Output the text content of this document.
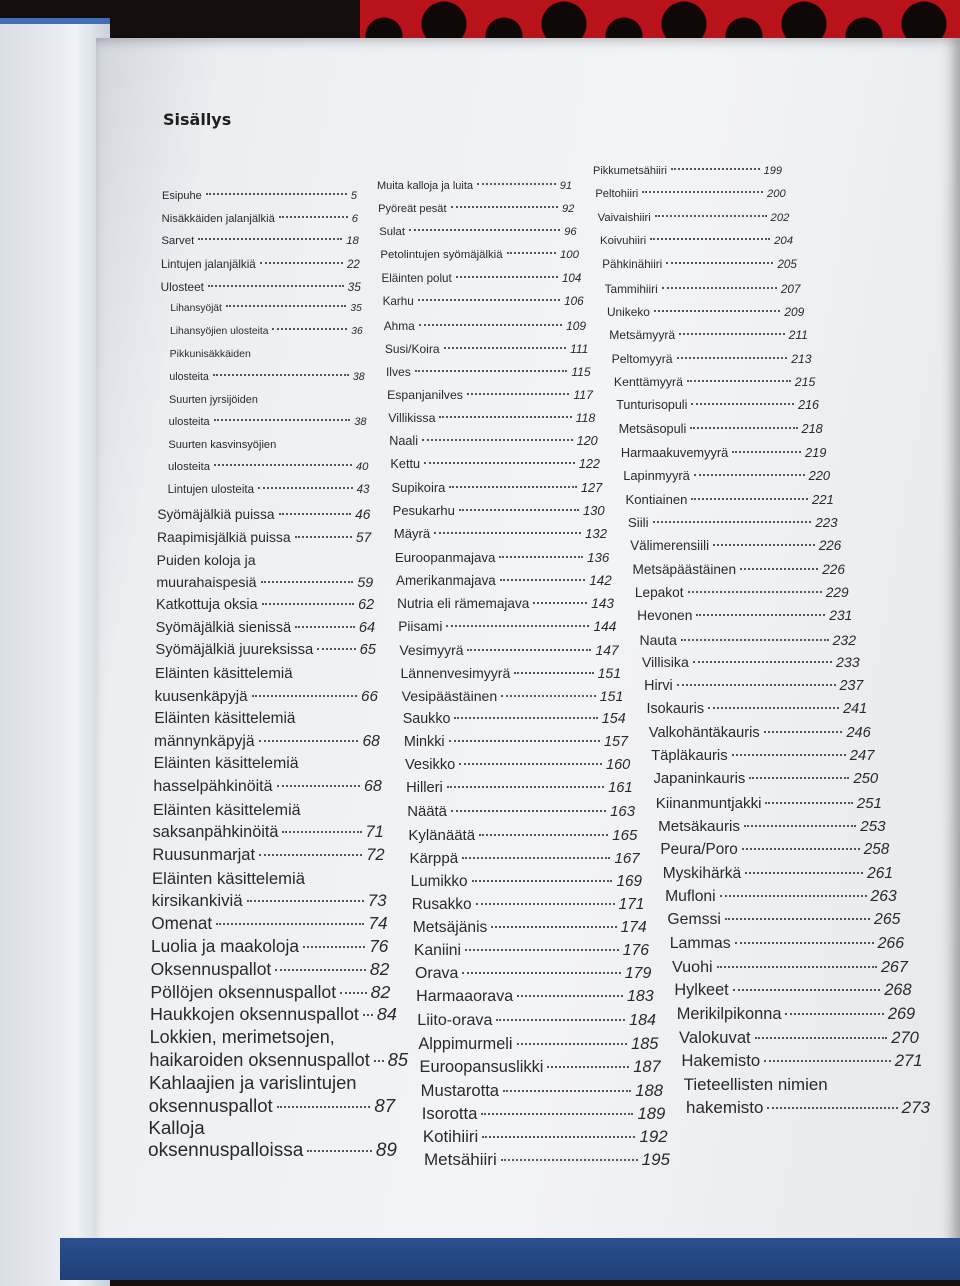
Sisällys
Esipuhe	5
Nisäkkäiden jalanjälkiä	6
Sarvet	18
Lintujen jalanjälkiä	22
Ulosteet	35
Lihansyöjät	35
Lihansyöjien ulosteita	36
Pikkunisäkkäiden
ulosteita	38
Suurten jyrsijöiden
ulosteita	38
Suurten kasvinsyöjien
ulosteita	40
Lintujen ulosteita	43
Syömäjälkiä puissa	46
Raapimisjälkiä puissa	57
Puiden koloja ja
muurahaispesiä	59
Katkottuja oksia	62
Syömäjälkiä sienissä	64
Syömäjälkiä juureksissa	65
Eläinten käsittelemiä
kuusenkäpyjä	66
Eläinten käsittelemiä
männynkäpyjä	68
Eläinten käsittelemiä
hasselpähkinöitä	68
Eläinten käsittelemiä
saksanpähkinöitä	71
Ruusunmarjat	72
Eläinten käsittelemiä
kirsikankiviä	73
Omenat	74
Luolia ja maakoloja	76
Oksennuspallot	82
Pöllöjen oksennuspallot 82
Haukkojen oksennuspallot 84
Lokkien, merimetsojen,
haikaroiden oksennuspallot 85
Kahlaajien ja varislintujen
oksennuspallot	87
Kalloja
oksennuspalloissa	89
Muita kalloja ja luita	91
Pyöreät pesät	92
Sulat	96
Petolintujen syömäjälkiä	100
Eläinten polut	104
Karhu	106
Ahma	109
Susi/Koira	111
Ilves	115
Espanjanilves	117
Villikissa	118
Naali	120
Kettu	122
Supikoira	127
Pesukarhu	130
Mäyrä	132
Euroopanmajava	136
Amerikanmajava	142
Nutria eli rämemajava	143
Piisami	144
Vesimyyrä	147
Lännenvesimyyrä	151
Vesipäästäinen	151
Saukko	154
Minkki	157
Vesikko	160
Hilleri	161
Näätä	163
Kylänäätä	165
Kärppä	167
Lumikko	169
Rusakko	171
Metsäjänis	174
Kaniini	176
Orava	179
Harmaaorava	183
Liito-orava	184
Alppimurmeli	185
Euroopansuslikki	187
Mustarotta	188
Isorotta	189
Kotihiiri	192
Metsähiiri	195
Pikkumetsähiiri	199
Peltohiiri	200
Vaivaishiiri	202
Koivuhiiri	204
Pähkinähiiri	205
Tammihiiri	207
Unikeko	209
Metsämyyrä	211
Peltomyyrä	213
Kenttämyyrä	215
Tunturisopuli	216
Metsäsopuli	218
Harmaakuvemyyrä	219
Lapinmyyrä	220
Kontiainen	221
Siili	223
Välimerensiili	226
Metsäpäästäinen	226
Lepakot	229
Hevonen	231
Nauta	232
Villisika	233
Hirvi	237
Isokauris	241
Valkohäntäkauris	246
Täpläkauris	247
Japaninkauris	250
Kiinanmuntjakki	251
Metsäkauris	253
Peura/Poro	258
Myskihärkä	261
Mufloni	263
Gemssi	265
Lammas	266
Vuohi	267
Hylkeet	268
Merikilpikonna	269
Valokuvat	270
Hakemisto	271
Tieteellisten nimien
hakemisto	273
